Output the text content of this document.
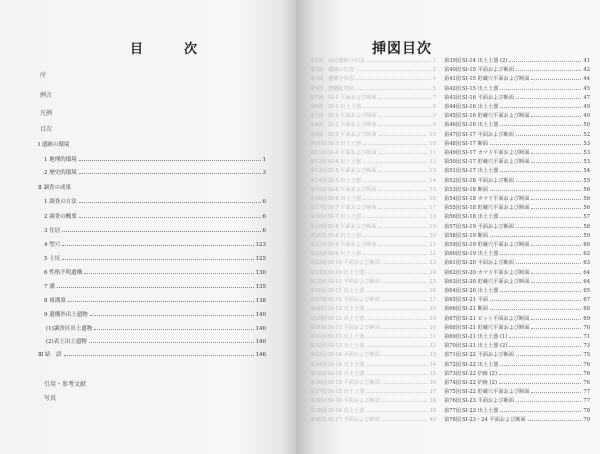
目　次
序
例言
凡例
目次
Ⅰ 遺跡の環境
1 地理的環境	1
2 歴史的環境	3
Ⅱ 調査の成果
1 調査の方法	6
2 調査の概要	6
3 住居	6
4 竪穴	123
5 土坑	125
6 性格不明遺構	130
7 溝	135
8 周溝墓	138
9 遺構外出土遺物	140
(1)調査区出土遺物	140
(2)表土出土遺物	140
Ⅲ 結　語	146
引用・参考文献
写真
挿図目次
第1図 周辺遺跡分布図	1
第2図 遺跡の位置	2
第3図 遺構全体図	4
第4図 遺構配置図	5
第5図 SI-1 平面および断面	7
第6図 SI-1 出土土器	8
第7図 SI-2 平面および断面	9
第8図 SI-2 平面および断面	9
第9図 SI-3 平面および断面	10
第10図 SI-3 出土土器	10
第11図 SI-4 平面および断面	11
第12図 SI-4 出土土器	12
第13図 SI-5 平面および断面	13
第14図 SI-5 出土土器	14
第15図 SI-6 平面および断面	15
第16図 SI-6 出土土器	16
第17図 SI-7 平面および断面	17
第18図 SI-7 出土土器	18
第19図 SI-8 平面および断面	19
第20図 SI-8 出土土器	20
第21図 SI-9 平面および断面	21
第22図 SI-9 出土土器	22
第23図 SI-10 平面および断面	23
第24図 SI-10 出土土器	24
第25図 SI-11 平面および断面	25
第26図 SI-11 出土土器	26
第27図 SI-12 平面および断面	27
第28図 SI-12 出土土器	28
第29図 SI-12 出土土器	29
第30図 SI-13 平面および断面	30
第31図 SI-13 出土土器	31
第32図 SI-13 出土土器	32
第33図 SI-14 平面および断面	33
第34図 SI-14 出土土器	34
第35図 SI-14 出土土器	35
第36図 SI-15 平面および断面	36
第37図 SI-15 出土土器	37
第38図 SI-16 平面および断面	38
第39図 SI-16 出土土器	39
第40図 SI-17 平面および断面	40
第39図 SI-14 出土土器 (2)	41
第40図 SI-15 平面および断面	42
第41図 SI-15 貯蔵穴平面および断面	44
第42図 SI-15 出土土器	45
第43図 SI-16 平面および断面	47
第44図 SI-16 出土土器	49
第45図 SI-16 貯蔵穴平面および断面	49
第46図 SI-16 出土土器	50
第47図 SI-17 平面および断面	52
第48図 SI-17 断面	53
第49図 SI-17 カマド平面および断面	53
第50図 SI-17 貯蔵穴平面および断面	53
第51図 SI-17 出土土器	54
第52図 SI-18 平面および断面	55
第53図 SI-18 断面	56
第54図 SI-18 カマド平面および断面	56
第55図 SI-18 貯蔵穴平面および断面	56
第56図 SI-18 出土土器	57
第57図 SI-19 平面および断面	58
第58図 SI-19 断面	59
第59図 SI-19 貯蔵穴平面および断面	60
第60図 SI-19 出土土器	62
第61図 SI-20 平面および断面	63
第62図 SI-20 カマド平面および断面	64
第63図 SI-20 貯蔵穴平面および断面	64
第64図 SI-20 出土土器	65
第65図 SI-21 平面	67
第66図 SI-21 断面	68
第67図 SI-21 ピット平面および断面	69
第68図 SI-21 貯蔵穴平面および断面	70
第69図 SI-21 出土土器 (1)	71
第70図 SI-21 出土土器 (2)	73
第71図 SI-22 平面および断面	75
第72図 SI-22 出土土器	76
第73図 SI-22 炉跡 (2)	76
第74図 SI-22 炉跡 (2)	76
第75図 SI-22 貯蔵穴平面および断面	77
第76図 SI-23 平面および断面	77
第77図 SI-23 出土土器	78
第78図 SI-23・24 平面および断面	79
